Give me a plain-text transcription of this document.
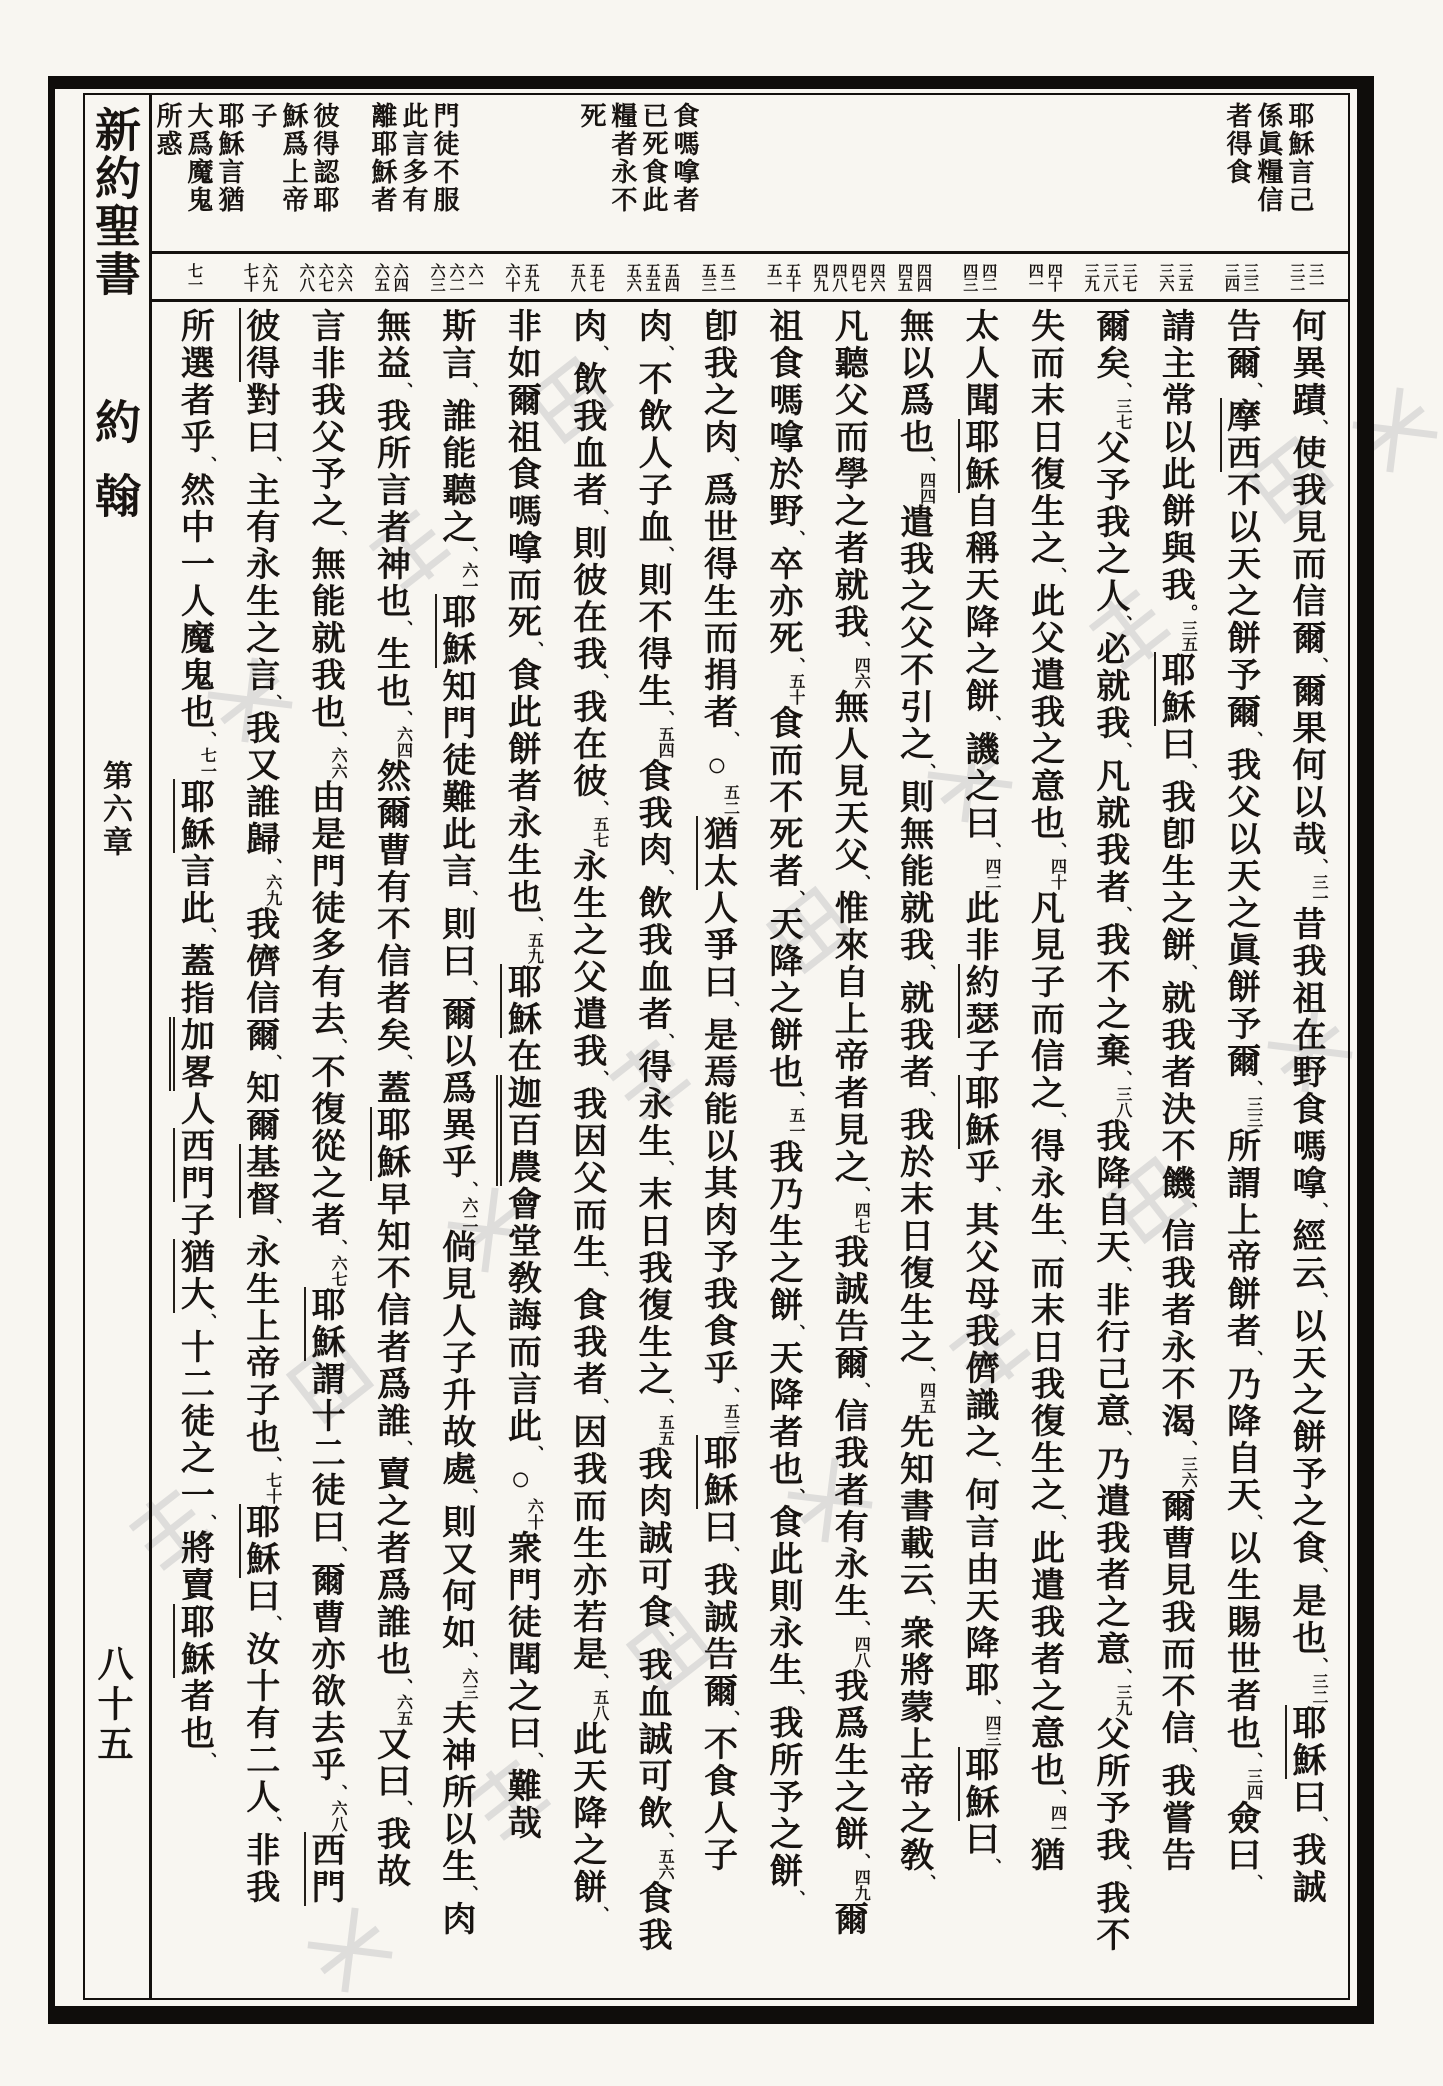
新約聖書
約翰
第六章
八十五
耶穌言己係眞糧信者得食
食嗎嗱者已死食此糧者永不死
門徒不服此言多有離耶穌者
彼得認耶穌爲上帝子
耶穌言猶大爲魔鬼所惑
三一
三二
三三
三四
三五
三六
三七
三八
三九
四十
四一
四二
四三
四四
四五
四六
四七
四八
四九
五十
五一
五二
五三
五四
五五
五六
五七
五八
五九
六十
六一
六二
六三
六四
六五
六六
六七
六八
六九
七十
七一
何異蹟、使我見而信爾、爾果何以哉、三一昔我祖在野食嗎嗱、經云、以天之餅予之食、是也、三二耶穌曰、我誠
告爾、摩西不以天之餅予爾、我父以天之眞餅予爾、三三所謂上帝餅者、乃降自天、以生賜世者也、三四僉曰、
請主常以此餅與我。三五耶穌曰、我卽生之餅、就我者決不饑、信我者永不渴、三六爾曹見我而不信、我嘗告
爾矣、三七父予我之人、必就我、凡就我者、我不之棄、三八我降自天、非行己意、乃遣我者之意、三九父所予我、我不
失而末日復生之、此父遣我之意也、四十凡見子而信之、得永生、而末日我復生之、此遣我者之意也、四一猶
太人聞耶穌自稱天降之餅、譏之曰、四二此非約瑟子耶穌乎、其父母我儕識之、何言由天降耶、四三耶穌曰、
無以爲也、四四遣我之父不引之、則無能就我、就我者、我於末日復生之、四五先知書載云、衆將蒙上帝之敎、
凡聽父而學之者就我、四六無人見天父、惟來自上帝者見之、四七我誠告爾、信我者有永生、四八我爲生之餅、四九爾
祖食嗎嗱於野、卒亦死、五十食而不死者、天降之餅也、五一我乃生之餅、天降者也、食此則永生、我所予之餅、
卽我之肉、爲世得生而捐者、○五二猶太人爭曰、是焉能以其肉予我食乎、五三耶穌曰、我誠告爾、不食人子
肉、不飲人子血、則不得生、五四食我肉、飲我血者、得永生、末日我復生之、五五我肉誠可食、我血誠可飲、五六食我
肉、飲我血者、則彼在我、我在彼、五七永生之父遣我、我因父而生、食我者、因我而生亦若是、五八此天降之餅、
非如爾祖食嗎嗱而死、食此餅者永生也、五九耶穌在迦百農會堂敎誨而言此、○六十衆門徒聞之曰、難哉
斯言、誰能聽之、六一耶穌知門徒難此言、則曰、爾以爲異乎、六二倘見人子升故處、則又何如、六三夫神所以生、肉
無益、我所言者神也、生也、六四然爾曹有不信者矣、蓋耶穌早知不信者爲誰、賣之者爲誰也、六五又曰、我故
言非我父予之、無能就我也、六六由是門徒多有去、不復從之者、六七耶穌謂十二徒曰、爾曹亦欲去乎、六八西門
彼得對曰、主有永生之言、我又誰歸、六九我儕信爾、知爾基督、永生上帝子也、七十耶穌曰、汝十有二人、非我
所選者乎、然中一人魔鬼也、七一耶穌言此、蓋指加畧人西門子猶大、十二徒之一、將賣耶穌者也、
